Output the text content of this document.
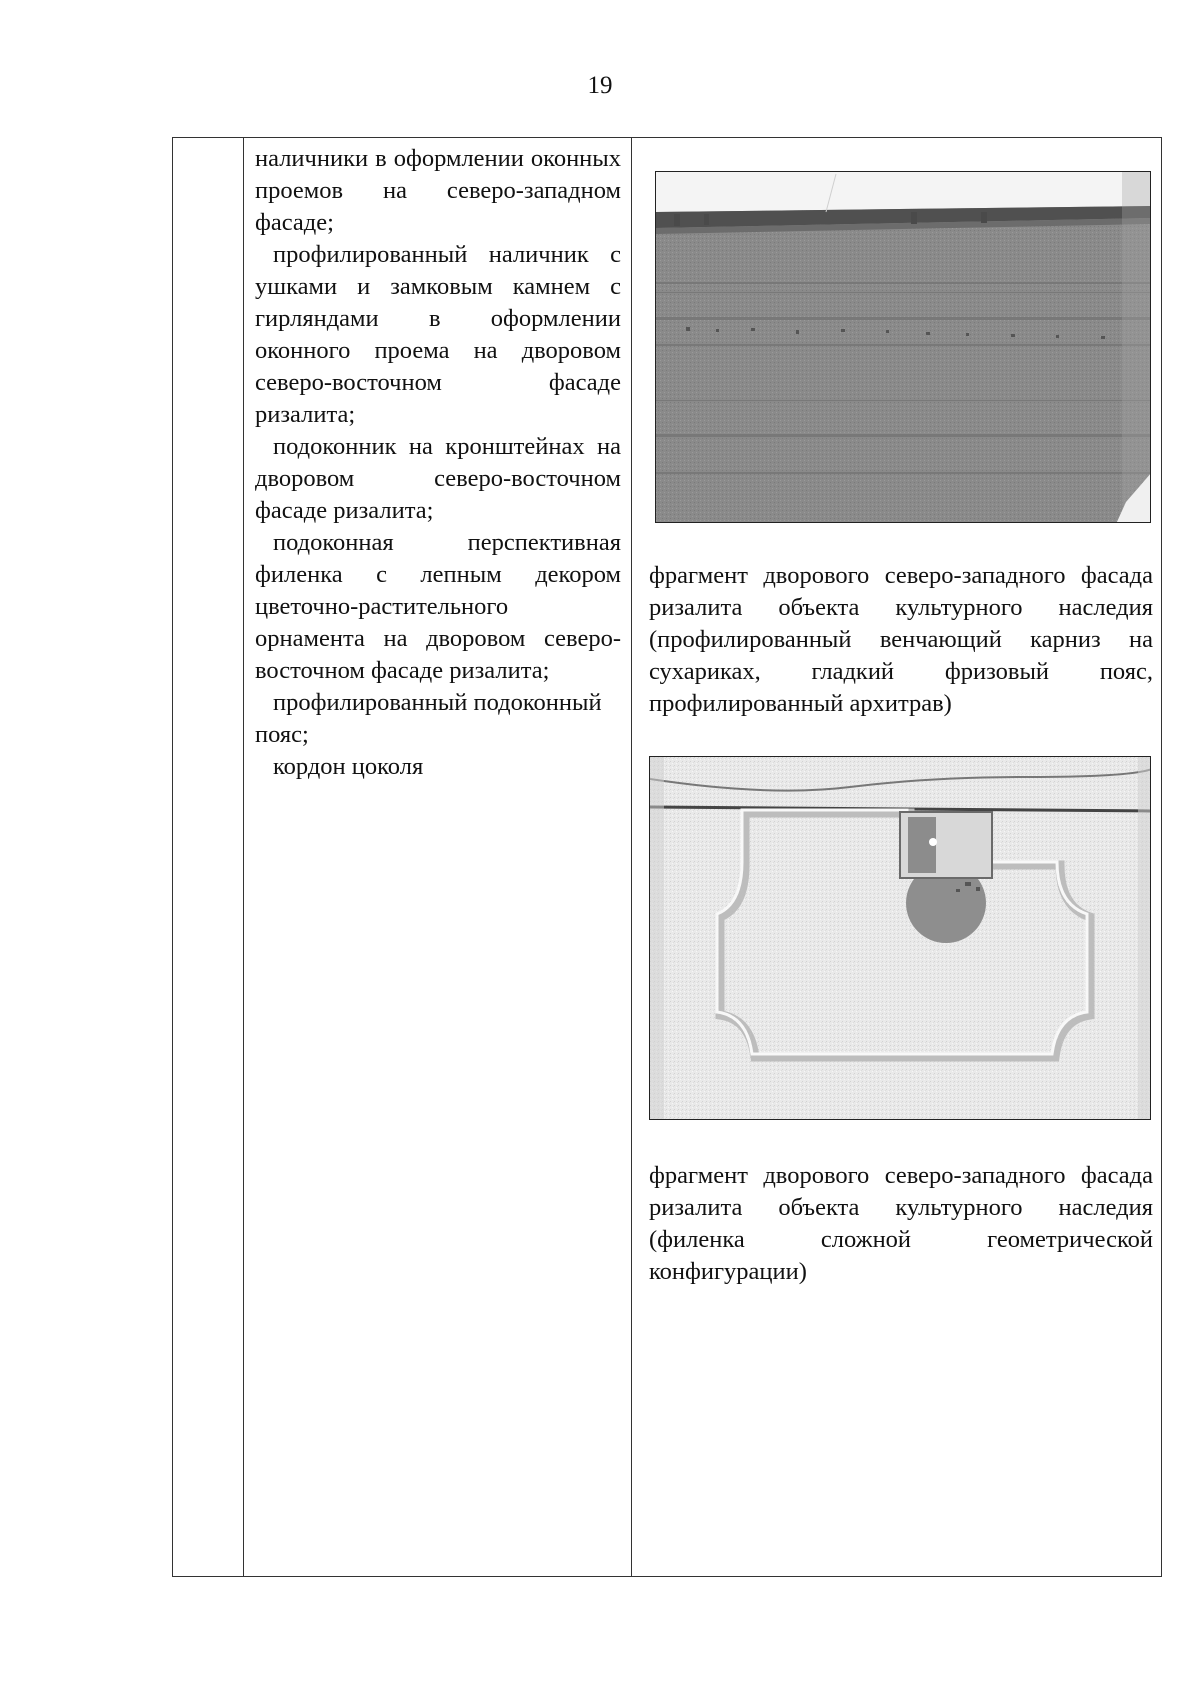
19

наличники в оформлении оконных проемов на северо-западном фасаде;

профилированный наличник с ушками и замковым камнем с гирляндами в оформлении оконного проема на дворовом северо-восточном фасаде ризалита;

подоконник на кронштейнах на дворовом северо-восточном фасаде ризалита;

подоконная перспективная филенка с лепным декором цветочно-растительного орнамента на дворовом северо-восточном фасаде ризалита;

профилированный подоконный пояс;

кордон цоколя

фрагмент дворового северо-западного фасада ризалита объекта культурного наследия (профилированный венчающий карниз на сухариках, гладкий фризовый пояс, профилированный архитрав)
фрагмент дворового северо-западного фасада ризалита объекта культурного наследия (филенка сложной геометрической конфигурации)
